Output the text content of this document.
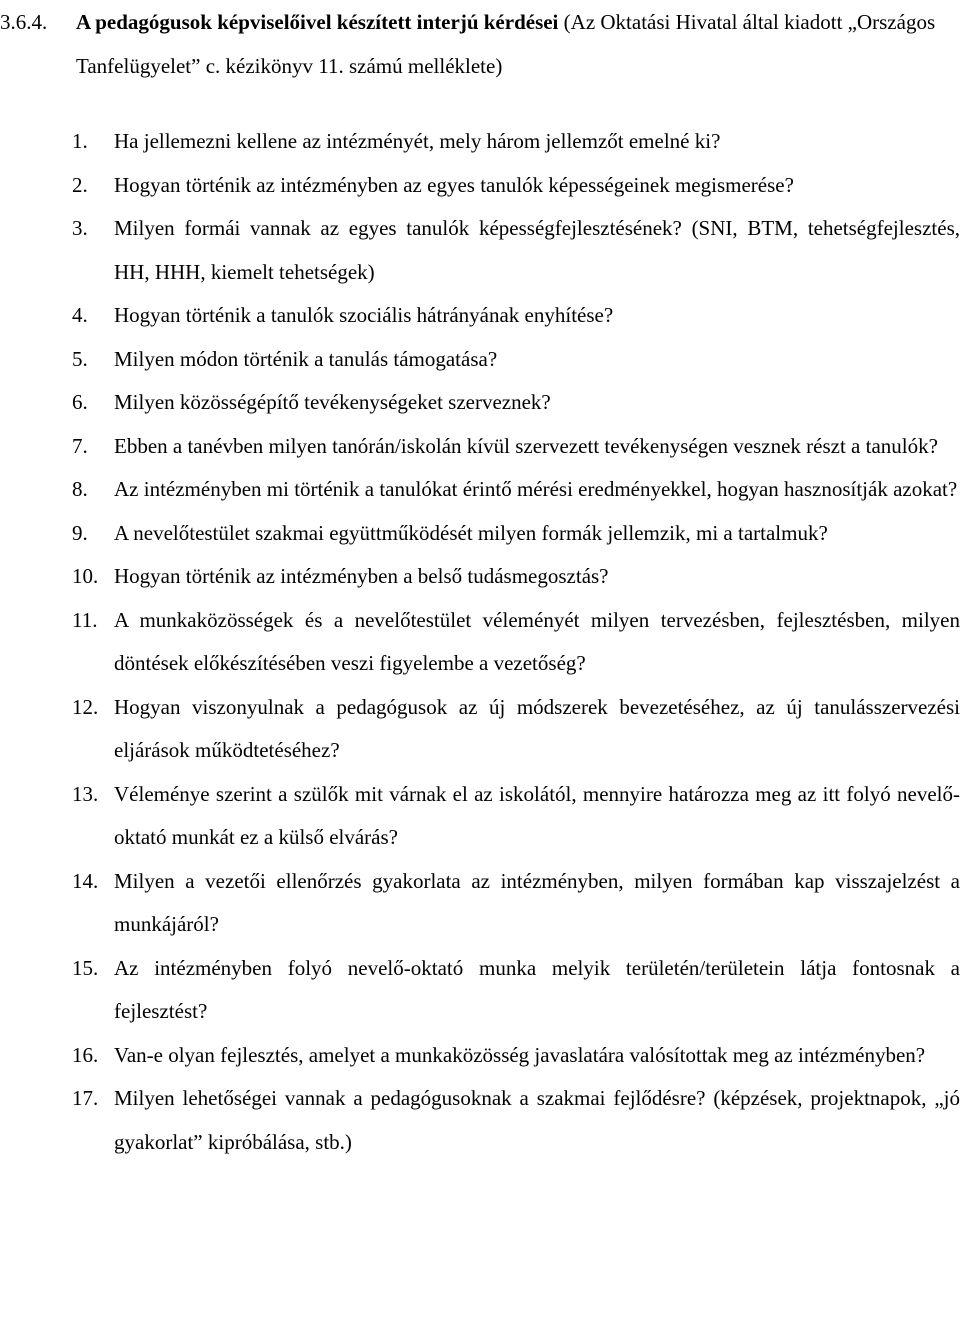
3.6.4. A pedagógusok képviselőivel készített interjú kérdései (Az Oktatási Hivatal által kiadott „Országos Tanfelügyelet” c. kézikönyv 11. számú melléklete)
1.	Ha jellemezni kellene az intézményét, mely három jellemzőt emelné ki?
2.	Hogyan történik az intézményben az egyes tanulók képességeinek megismerése?
3.	Milyen formái vannak az egyes tanulók képességfejlesztésének? (SNI, BTM, tehetségfejlesztés, HH, HHH, kiemelt tehetségek)
4.	Hogyan történik a tanulók szociális hátrányának enyhítése?
5.	Milyen módon történik a tanulás támogatása?
6.	Milyen közösségépítő tevékenységeket szerveznek?
7.	Ebben a tanévben milyen tanórán/iskolán kívül szervezett tevékenységen vesznek részt a tanulók?
8.	Az intézményben mi történik a tanulókat érintő mérési eredményekkel, hogyan hasznosítják azokat?
9.	A nevelőtestület szakmai együttműködését milyen formák jellemzik, mi a tartalmuk?
10. Hogyan történik az intézményben a belső tudásmegosztás?
11. A munkaközösségek és a nevelőtestület véleményét milyen tervezésben, fejlesztésben, milyen döntések előkészítésében veszi figyelembe a vezetőség?
12. Hogyan viszonyulnak a pedagógusok az új módszerek bevezetéséhez, az új tanulásszervezési eljárások működtetéséhez?
13. Véleménye szerint a szülők mit várnak el az iskolától, mennyire határozza meg az itt folyó nevelő-oktató munkát ez a külső elvárás?
14. Milyen a vezetői ellenőrzés gyakorlata az intézményben, milyen formában kap visszajelzést a munkájáról?
15. Az intézményben folyó nevelő-oktató munka melyik területén/területein látja fontosnak a fejlesztést?
16. Van-e olyan fejlesztés, amelyet a munkaközösség javaslatára valósítottak meg az intézményben?
17. Milyen lehetőségei vannak a pedagógusoknak a szakmai fejlődésre? (képzések, projektnapok, „jó gyakorlat” kipróbálása, stb.)
